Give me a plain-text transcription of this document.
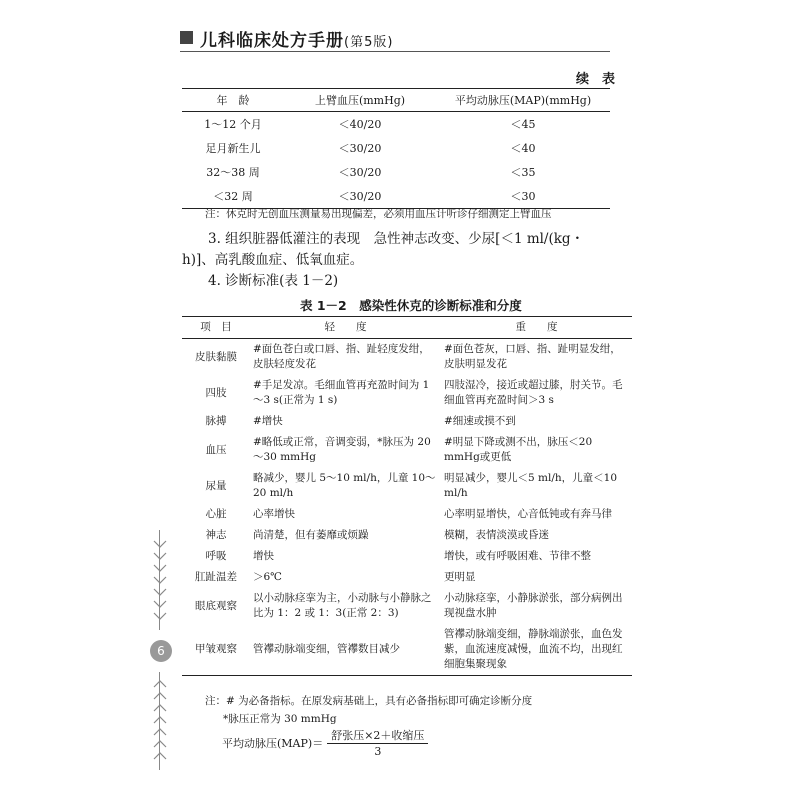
儿科临床处方手册(第5版)
续　表
年　龄	上臂血压(mmHg)	平均动脉压(MAP)(mmHg)
1～12 个月	＜40/20	＜45
足月新生儿	＜30/20	＜40
32～38 周	＜30/20	＜35
＜32 周	＜30/20	＜30
注：休克时无创血压测量易出现偏差，必须用血压计听诊仔细测定上臂血压
3. 组织脏器低灌注的表现　急性神志改变、少尿[＜1 ml/(kg・h)]、高乳酸血症、低氧血症。
4. 诊断标准(表 1－2)
表 1－2　感染性休克的诊断标准和分度
项　目	轻　　度	重　　度
皮肤黏膜	#面色苍白或口唇、指、趾轻度发绀，皮肤轻度发花	#面色苍灰，口唇、指、趾明显发绀，皮肤明显发花
四肢	#手足发凉。毛细血管再充盈时间为 1～3 s(正常为 1 s)	四肢湿冷，接近或超过膝，肘关节。毛细血管再充盈时间＞3 s
脉搏	#增快	#细速或摸不到
血压	#略低或正常，音调变弱，*脉压为 20～30 mmHg	#明显下降或测不出，脉压＜20 mmHg或更低
尿量	略减少，婴儿 5～10 ml/h，儿童 10～20 ml/h	明显减少，婴儿＜5 ml/h，儿童＜10 ml/h
心脏	心率增快	心率明显增快，心音低钝或有奔马律
神志	尚清楚，但有萎靡或烦躁	模糊，表情淡漠或昏迷
呼吸	增快	增快，或有呼吸困难、节律不整
肛趾温差	＞6℃	更明显
眼底观察	以小动脉痉挛为主，小动脉与小静脉之比为 1：2 或 1：3(正常 2：3)	小动脉痉挛，小静脉淤张，部分病例出现视盘水肿
甲皱观察	管襻动脉端变细，管襻数目减少	管襻动脉端变细，静脉端淤张，血色发紫，血流速度减慢，血流不均，出现红细胞集聚现象
注：# 为必备指标。在原发病基础上，具有必备指标即可确定诊断分度
*脉压正常为 30 mmHg
平均动脉压$(MAP)= \frac{\text{舒张压×2＋收缩压}}{3}$
6
